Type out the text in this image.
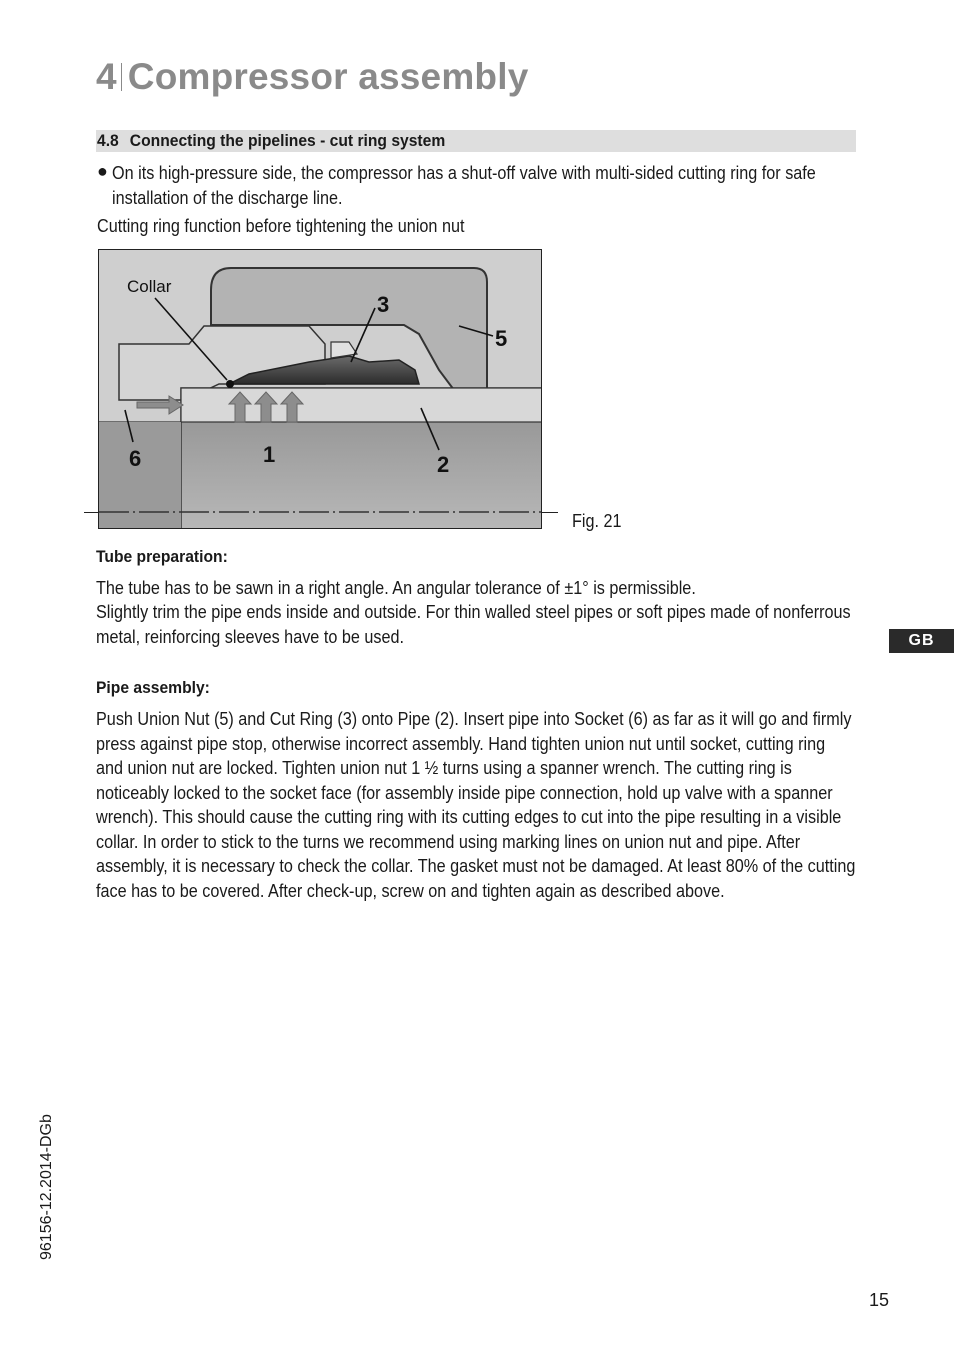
4 Compressor assembly
4.8 Connecting the pipelines - cut ring system
● On its high-pressure side, the compressor has a shut-off valve with multi-sided cutting ring for safe installation of the discharge line.
Cutting ring function before tightening the union nut
Collar
3
5
1	2
6
Fig. 21
Tube preparation:
The tube has to be sawn in a right angle. An angular tolerance of ±1° is permissible.
Slightly trim the pipe ends inside and outside. For thin walled steel pipes or soft pipes made of nonferrous metal, reinforcing sleeves have to be used.	GB
Pipe assembly:
Push Union Nut (5) and Cut Ring (3) onto Pipe (2). Insert pipe into Socket (6) as far as it will go and firmly press against pipe stop, otherwise incorrect assembly. Hand tighten union nut until socket, cutting ring and union nut are locked. Tighten union nut 1 ½ turns using a spanner wrench. The cutting ring is noticeably locked to the socket face (for assembly inside pipe connection, hold up valve with a spanner wrench). This should cause the cutting ring with its cutting edges to cut into the pipe resulting in a visible collar. In order to stick to the turns we recommend using marking lines on union nut and pipe. After assembly, it is necessary to check the collar. The gasket must not be damaged. At least 80% of the cutting face has to be covered. After check-up, screw on and tighten again as described above.
96156-12.2014-DGb
15
